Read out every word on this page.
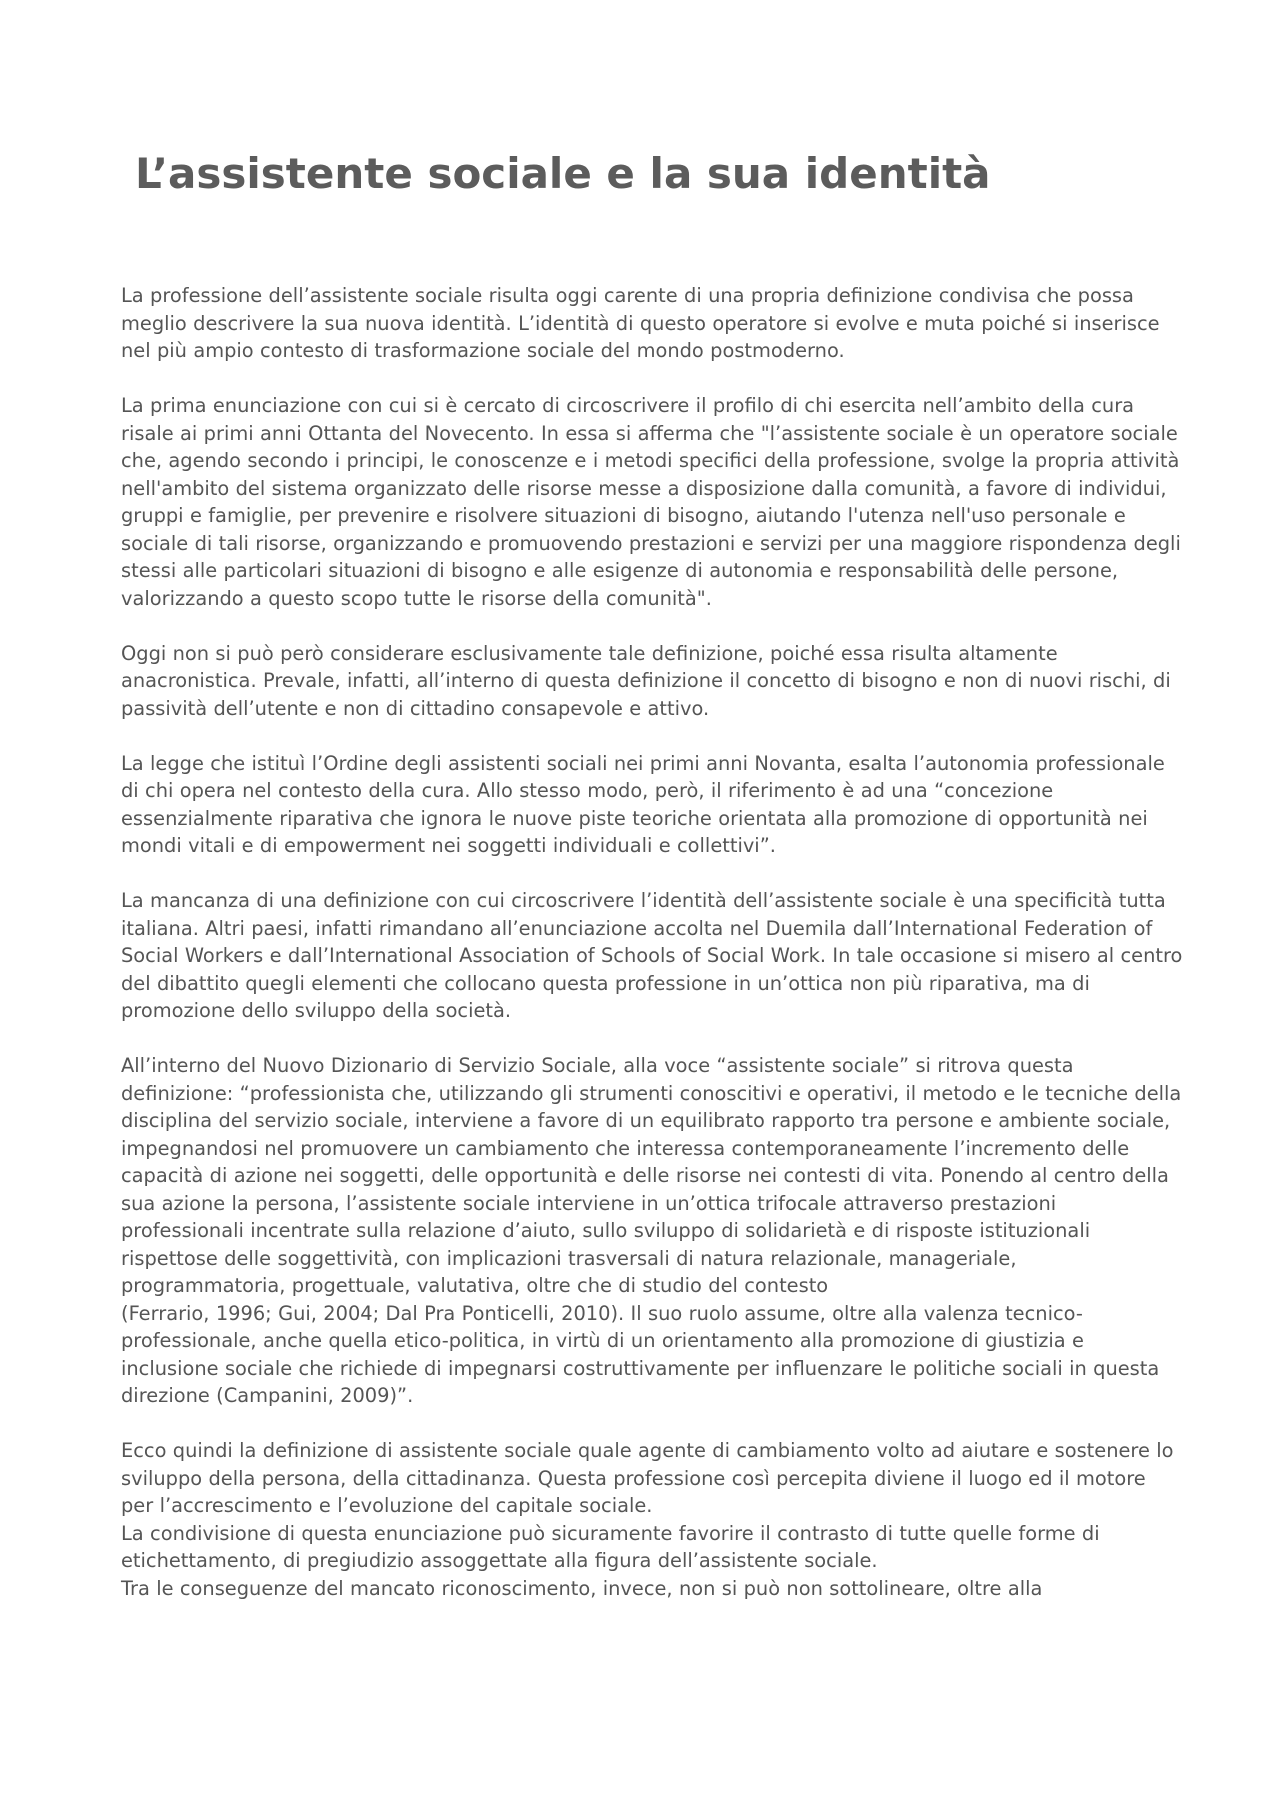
L’assistente sociale e la sua identità

La professione dell’assistente sociale risulta oggi carente di una propria definizione condivisa che possa meglio descrivere la sua nuova identità. L’identità di questo operatore si evolve e muta poiché si inserisce nel più ampio contesto di trasformazione sociale del mondo postmoderno.

La prima enunciazione con cui si è cercato di circoscrivere il profilo di chi esercita nell’ambito della cura risale ai primi anni Ottanta del Novecento. In essa si afferma che "l’assistente sociale è un operatore sociale che, agendo secondo i principi, le conoscenze e i metodi specifici della professione, svolge la propria attività nell'ambito del sistema organizzato delle risorse messe a disposizione dalla comunità, a favore di individui, gruppi e famiglie, per prevenire e risolvere situazioni di bisogno, aiutando l'utenza nell'uso personale e sociale di tali risorse, organizzando e promuovendo prestazioni e servizi per una maggiore rispondenza degli stessi alle particolari situazioni di bisogno e alle esigenze di autonomia e responsabilità delle persone, valorizzando a questo scopo tutte le risorse della comunità".

Oggi non si può però considerare esclusivamente tale definizione, poiché essa risulta altamente anacronistica. Prevale, infatti, all’interno di questa definizione il concetto di bisogno e non di nuovi rischi, di passività dell’utente e non di cittadino consapevole e attivo.

La legge che istituì l’Ordine degli assistenti sociali nei primi anni Novanta, esalta l’autonomia professionale di chi opera nel contesto della cura. Allo stesso modo, però, il riferimento è ad una “concezione essenzialmente riparativa che ignora le nuove piste teoriche orientata alla promozione di opportunità nei mondi vitali e di empowerment nei soggetti individuali e collettivi”.

La mancanza di una definizione con cui circoscrivere l’identità dell’assistente sociale è una specificità tutta italiana. Altri paesi, infatti rimandano all’enunciazione accolta nel Duemila dall’International Federation of Social Workers e dall’International Association of Schools of Social Work. In tale occasione si misero al centro del dibattito quegli elementi che collocano questa professione in un’ottica non più riparativa, ma di promozione dello sviluppo della società.

All’interno del Nuovo Dizionario di Servizio Sociale, alla voce “assistente sociale” si ritrova questa definizione: “professionista che, utilizzando gli strumenti conoscitivi e operativi, il metodo e le tecniche della disciplina del servizio sociale, interviene a favore di un equilibrato rapporto tra persone e ambiente sociale, impegnandosi nel promuovere un cambiamento che interessa contemporaneamente l’incremento delle capacità di azione nei soggetti, delle opportunità e delle risorse nei contesti di vita. Ponendo al centro della sua azione la persona, l’assistente sociale interviene in un’ottica trifocale attraverso prestazioni professionali incentrate sulla relazione d’aiuto, sullo sviluppo di solidarietà e di risposte istituzionali rispettose delle soggettività, con implicazioni trasversali di natura relazionale, manageriale, programmatoria, progettuale, valutativa, oltre che di studio del contesto

(Ferrario, 1996; Gui, 2004; Dal Pra Ponticelli, 2010). Il suo ruolo assume, oltre alla valenza tecnico-professionale, anche quella etico-politica, in virtù di un orientamento alla promozione di giustizia e inclusione sociale che richiede di impegnarsi costruttivamente per influenzare le politiche sociali in questa direzione (Campanini, 2009)”.

Ecco quindi la definizione di assistente sociale quale agente di cambiamento volto ad aiutare e sostenere lo sviluppo della persona, della cittadinanza. Questa professione così percepita diviene il luogo ed il motore per l’accrescimento e l’evoluzione del capitale sociale.

La condivisione di questa enunciazione può sicuramente favorire il contrasto di tutte quelle forme di etichettamento, di pregiudizio assoggettate alla figura dell’assistente sociale.

Tra le conseguenze del mancato riconoscimento, invece, non si può non sottolineare, oltre alla
